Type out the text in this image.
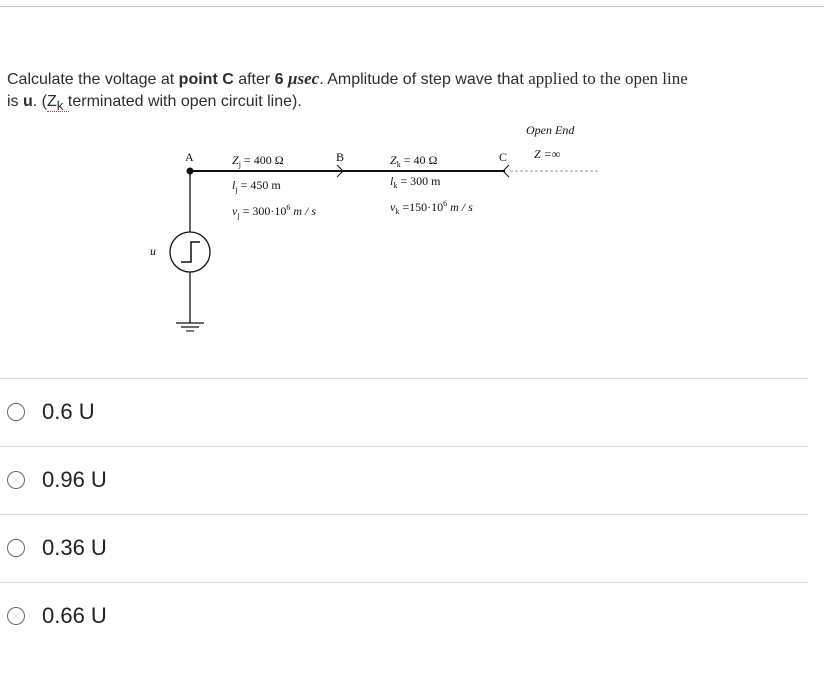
Calculate the voltage at point C after 6 μsec. Amplitude of step wave that applied to the open line
is u. ($Z_k$
terminated with open circuit line).
A	B	C
u
$Z_j = 400$ Ω
$l_j = 450$ m
$v_j = 300\cdot 10^6$ m / s
$Z_k = 40$ Ω
$l_k = 300$ m
$v_k =150\cdot 10^6$ m / s
Open End
Z =∞
0.6 U
0.96 U
0.36 U
0.66 U
